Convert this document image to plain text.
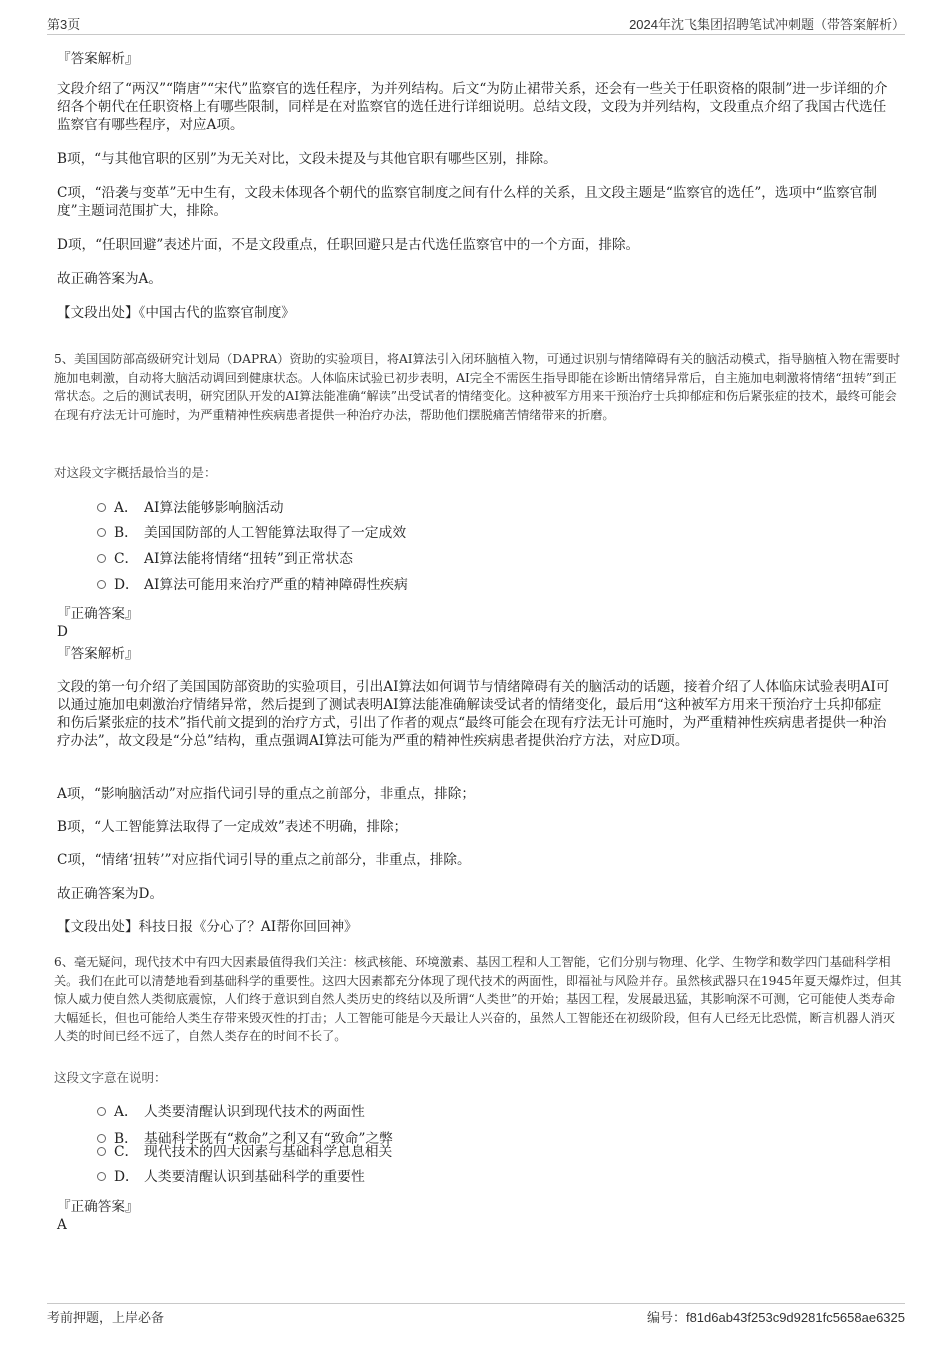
第3页	2024年沈飞集团招聘笔试冲刺题（带答案解析）
『答案解析』
文段介绍了“两汉”“隋唐”“宋代”监察官的选任程序，为并列结构。后文“为防止裙带关系，还会有一些关于任职资格的限制”进一步详细的介绍各个朝代在任职资格上有哪些限制，同样是在对监察官的选任进行详细说明。总结文段，文段为并列结构，文段重点介绍了我国古代选任监察官有哪些程序，对应A项。
B项，“与其他官职的区别”为无关对比，文段未提及与其他官职有哪些区别，排除。
C项，“沿袭与变革”无中生有，文段未体现各个朝代的监察官制度之间有什么样的关系，且文段主题是“监察官的选任”，选项中“监察官制度”主题词范围扩大，排除。
D项，“任职回避”表述片面，不是文段重点，任职回避只是古代选任监察官中的一个方面，排除。
故正确答案为A。
【文段出处】《中国古代的监察官制度》
5、美国国防部高级研究计划局（DAPRA）资助的实验项目，将AI算法引入闭环脑植入物，可通过识别与情绪障碍有关的脑活动模式，指导脑植入物在需要时施加电刺激，自动将大脑活动调回到健康状态。人体临床试验已初步表明，AI完全不需医生指导即能在诊断出情绪异常后，自主施加电刺激将情绪“扭转”到正常状态。之后的测试表明，研究团队开发的AI算法能准确“解读”出受试者的情绪变化。这种被军方用来干预治疗士兵抑郁症和伤后紧张症的技术，最终可能会在现有疗法无计可施时，为严重精神性疾病患者提供一种治疗办法，帮助他们摆脱痛苦情绪带来的折磨。
对这段文字概括最恰当的是：
A． AI算法能够影响脑活动
B． 美国国防部的人工智能算法取得了一定成效
C． AI算法能将情绪“扭转”到正常状态
D． AI算法可能用来治疗严重的精神障碍性疾病
『正确答案』
D
『答案解析』
文段的第一句介绍了美国国防部资助的实验项目，引出AI算法如何调节与情绪障碍有关的脑活动的话题，接着介绍了人体临床试验表明AI可以通过施加电刺激治疗情绪异常，然后提到了测试表明AI算法能准确解读受试者的情绪变化，最后用“这种被军方用来干预治疗士兵抑郁症和伤后紧张症的技术”指代前文提到的治疗方式，引出了作者的观点“最终可能会在现有疗法无计可施时，为严重精神性疾病患者提供一种治疗办法”，故文段是“分总”结构，重点强调AI算法可能为严重的精神性疾病患者提供治疗方法，对应D项。
A项，“影响脑活动”对应指代词引导的重点之前部分，非重点，排除；
B项，“人工智能算法取得了一定成效”表述不明确，排除；
C项，“情绪‘扭转’”对应指代词引导的重点之前部分，非重点，排除。
故正确答案为D。
【文段出处】科技日报《分心了？AI帮你回回神》
6、毫无疑问，现代技术中有四大因素最值得我们关注：核武核能、环境激素、基因工程和人工智能，它们分别与物理、化学、生物学和数学四门基础科学相关。我们在此可以清楚地看到基础科学的重要性。这四大因素都充分体现了现代技术的两面性，即福祉与风险并存。虽然核武器只在1945年夏天爆炸过，但其惊人威力使自然人类彻底震惊，人们终于意识到自然人类历史的终结以及所谓“人类世”的开始；基因工程，发展最迅猛，其影响深不可测，它可能使人类寿命大幅延长，但也可能给人类生存带来毁灭性的打击；人工智能可能是今天最让人兴奋的，虽然人工智能还在初级阶段，但有人已经无比恐慌，断言机器人消灭人类的时间已经不远了，自然人类存在的时间不长了。
这段文字意在说明：
A． 人类要清醒认识到现代技术的两面性
B． 基础科学既有“救命”之利又有“致命”之弊
C． 现代技术的四大因素与基础科学息息相关
D． 人类要清醒认识到基础科学的重要性
『正确答案』
A
考前押题，上岸必备	编号：f81d6ab43f253c9d9281fc5658ae6325
